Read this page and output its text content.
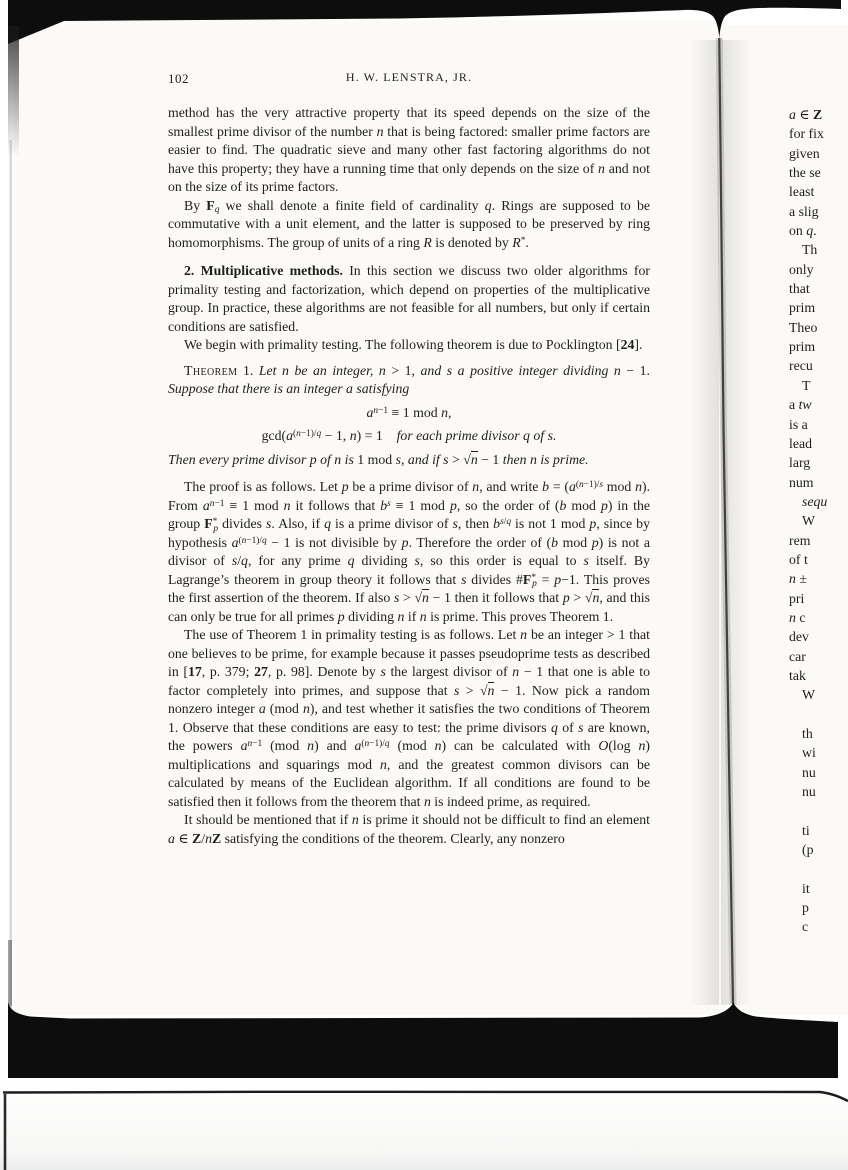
102	H. W. LENSTRA, JR.
method has the very attractive property that its speed depends on the size of the smallest prime divisor of the number n that is being factored: smaller prime factors are easier to find. The quadratic sieve and many other fast factoring algorithms do not have this property; they have a running time that only depends on the size of n and not on the size of its prime factors.
By $F_q$ we shall denote a finite field of cardinality q. Rings are supposed to be commutative with a unit element, and the latter is supposed to be preserved by ring homomorphisms. The group of units of a ring R is denoted by R*.
2. Multiplicative methods. In this section we discuss two older algorithms for primality testing and factorization, which depend on properties of the multiplicative group. In practice, these algorithms are not feasible for all numbers, but only if certain conditions are satisfied.
We begin with primality testing. The following theorem is due to Pocklington [24].
Theorem 1. Let n be an integer, n > 1, and s a positive integer dividing n − 1. Suppose that there is an integer a satisfying
$a^{n-1} \equiv 1$ mod n,
$\gcd(a^{(n-1)/q} - 1$, n) = 1 for each prime divisor q of s.
Then every prime divisor p of n is 1 mod s, and if s > √n − 1 then n is prime.
The proof is as follows. Let p be a prime divisor of n, and write $b = (a^{(n-1)/s}$ mod n). From $a^{n-1} \equiv 1$ mod n it follows that $b^s \equiv 1$ mod p, so the order of (b mod p) in the group $F^*_p$ divides s. Also, if q is a prime divisor of s, then $b^{s/q}$ is not 1 mod p, since by hypothesis $a^{(n-1)/q} - 1$ is not divisible by p. Therefore the order of (b mod p) is not a divisor of s/q, for any prime q dividing s, so this order is equal to s itself. By Lagrange’s theorem in group theory it follows that s divides $\#F^*_p = p-1$. This proves the first assertion of the theorem. If also s > √n − 1 then it follows that p > √n, and this can only be true for all primes p dividing n if n is prime. This proves Theorem 1.
The use of Theorem 1 in primality testing is as follows. Let n be an integer > 1 that one believes to be prime, for example because it passes pseudoprime tests as described in [17, p. 379; 27, p. 98]. Denote by s the largest divisor of n − 1 that one is able to factor completely into primes, and suppose that s > √n − 1. Now pick a random nonzero integer a (mod n), and test whether it satisfies the two conditions of Theorem 1. Observe that these conditions are easy to test: the prime divisors q of s are known, the powers $a^{n-1}$ (mod n) and $a^{(n-1)/q}$ (mod n) can be calculated with O(log n) multiplications and squarings mod n, and the greatest common divisors can be calculated by means of the Euclidean algorithm. If all conditions are found to be satisfied then it follows from the theorem that n is indeed prime, as required.
It should be mentioned that if n is prime it should not be difficult to find an element a ∈ Z/nZ satisfying the conditions of the theorem. Clearly, any nonzero
a ∈ Z
for fix
given
the se
least
a slig
on q.
Th
only
that
prim
Theo
prim
recu
T
a tw
is a
lead
larg
num
sequ
W
rem
of t
n ±
pri
n c
dev
car
tak
W

th
wi
nu
nu

ti
(p

it
p
c
